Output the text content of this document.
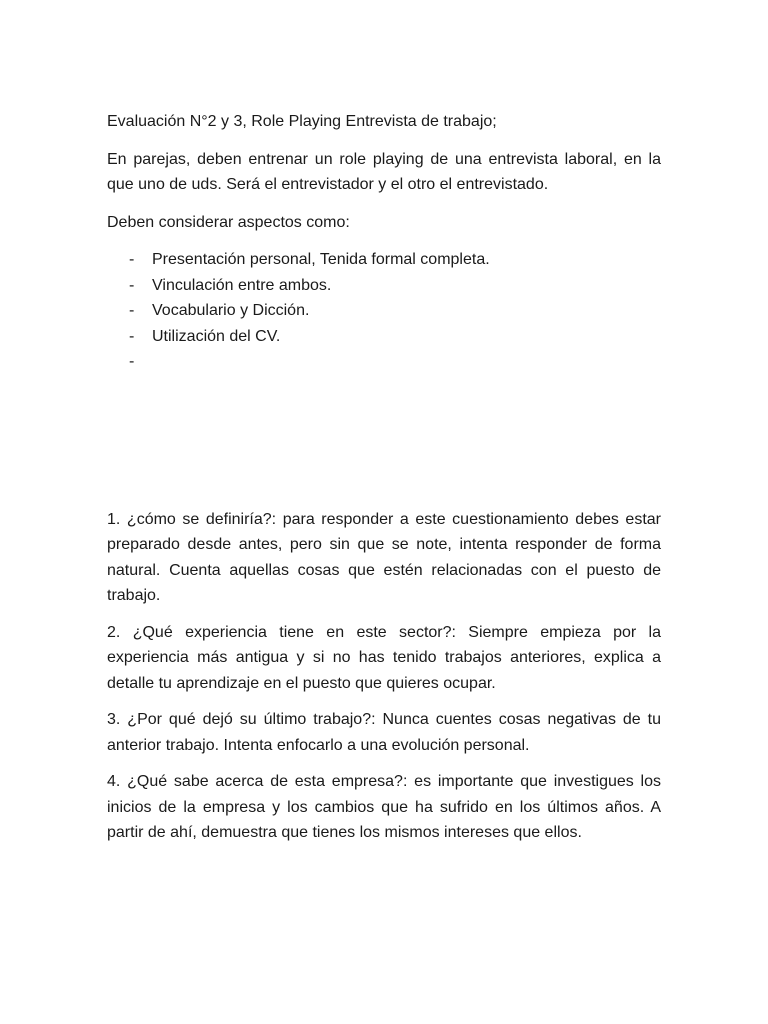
Evaluación N°2 y 3, Role Playing Entrevista de trabajo;

En parejas, deben entrenar un role playing de una entrevista laboral, en la que uno de uds. Será el entrevistador y el otro el entrevistado.

Deben considerar aspectos como:

- Presentación personal, Tenida formal completa.
- Vinculación entre ambos.
- Vocabulario y Dicción.
- Utilización del CV.
-

1. ¿cómo se definiría?: para responder a este cuestionamiento debes estar preparado desde antes, pero sin que se note, intenta responder de forma natural. Cuenta aquellas cosas que estén relacionadas con el puesto de trabajo.

2. ¿Qué experiencia tiene en este sector?: Siempre empieza por la experiencia más antigua y si no has tenido trabajos anteriores, explica a detalle tu aprendizaje en el puesto que quieres ocupar.

3. ¿Por qué dejó su último trabajo?: Nunca cuentes cosas negativas de tu anterior trabajo. Intenta enfocarlo a una evolución personal.

4. ¿Qué sabe acerca de esta empresa?: es importante que investigues los inicios de la empresa y los cambios que ha sufrido en los últimos años. A partir de ahí, demuestra que tienes los mismos intereses que ellos.
